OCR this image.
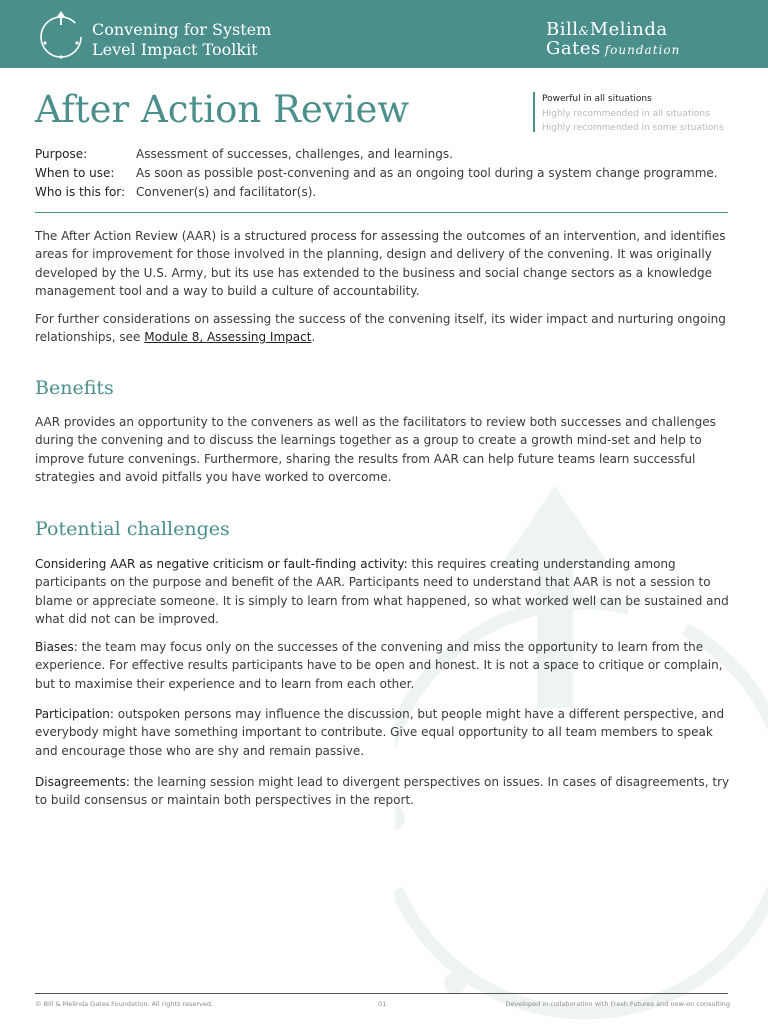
Convening for System
Level Impact Toolkit
Bill&Melinda
Gates foundation
After Action Review	Powerful in all situations
Highly recommended in all situations
Highly recommended in some situations
Purpose:	Assessment of successes, challenges, and learnings.
When to use:	As soon as possible post-convening and as an ongoing tool during a system change programme.
Who is this for: Convener(s) and facilitator(s).

The After Action Review (AAR) is a structured process for assessing the outcomes of an intervention, and identifies areas for improvement for those involved in the planning, design and delivery of the convening. It was originally developed by the U.S. Army, but its use has extended to the business and social change sectors as a knowledge management tool and a way to build a culture of accountability.

For further considerations on assessing the success of the convening itself, its wider impact and nurturing ongoing relationships, see Module 8, Assessing Impact.

Benefits

AAR provides an opportunity to the conveners as well as the facilitators to review both successes and challenges during the convening and to discuss the learnings together as a group to create a growth mind-set and help to improve future convenings. Furthermore, sharing the results from AAR can help future teams learn successful strategies and avoid pitfalls you have worked to overcome.

Potential challenges

Considering AAR as negative criticism or fault-finding activity: this requires creating understanding among participants on the purpose and benefit of the AAR. Participants need to understand that AAR is not a session to blame or appreciate someone. It is simply to learn from what happened, so what worked well can be sustained and what did not can be improved.

Biases: the team may focus only on the successes of the convening and miss the opportunity to learn from the experience. For effective results participants have to be open and honest. It is not a space to critique or complain, but to maximise their experience and to learn from each other.

Participation: outspoken persons may influence the discussion, but people might have a different perspective, and everybody might have something important to contribute. Give equal opportunity to all team members to speak and encourage those who are shy and remain passive.

Disagreements: the learning session might lead to divergent perspectives on issues. In cases of disagreements, try to build consensus or maintain both perspectives in the report.

© Bill & Melinda Gates Foundation. All rights reserved.	01	Developed in collaboration with Fresh Futures and now-on consulting
